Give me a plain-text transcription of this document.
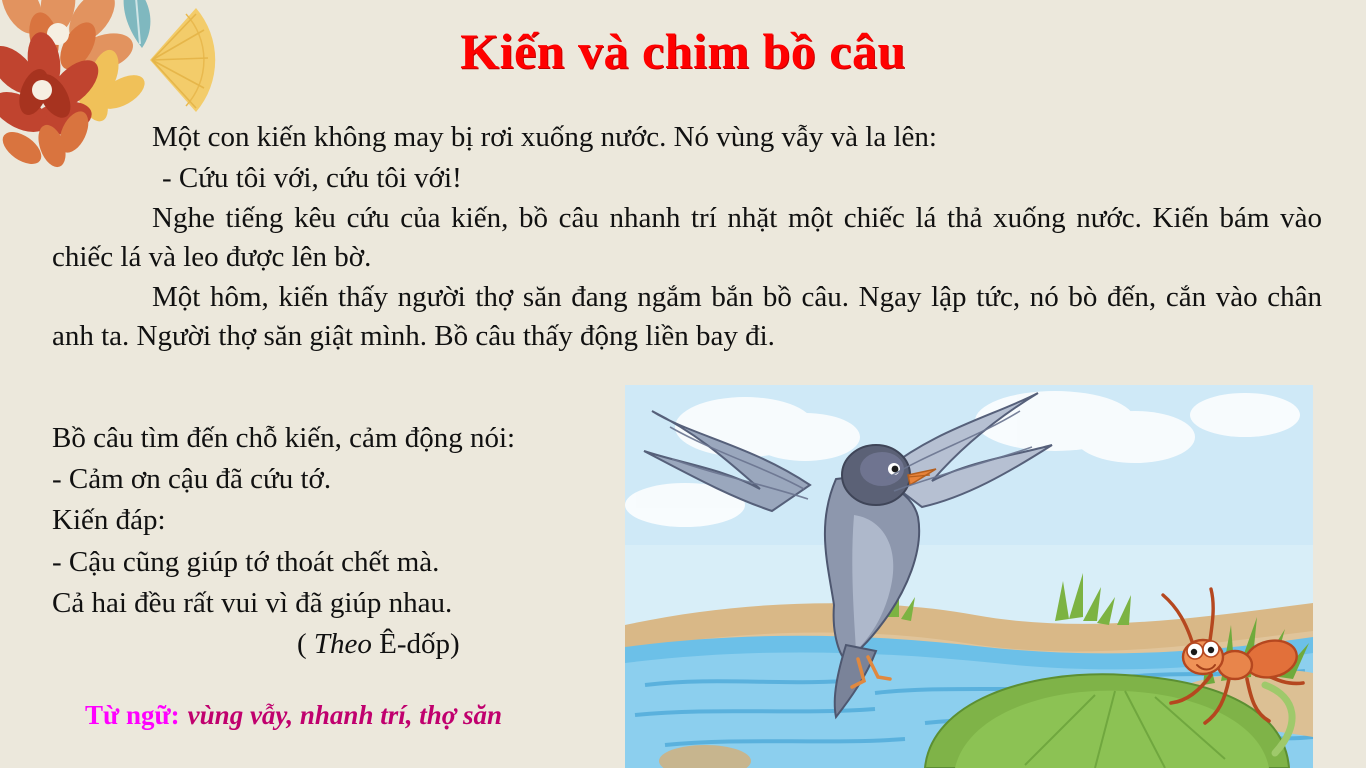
Kiến và chim bồ câu

Một con kiến không may bị rơi xuống nước. Nó vùng vẫy và la lên:

- Cứu tôi với, cứu tôi với!

Nghe tiếng kêu cứu của kiến, bồ câu nhanh trí nhặt một chiếc lá thả xuống nước. Kiến bám vào chiếc lá và leo được lên bờ.

Một hôm, kiến thấy người thợ săn đang ngắm bắn bồ câu. Ngay lập tức, nó bò đến, cắn vào chân anh ta. Người thợ săn giật mình. Bồ câu thấy động liền bay đi.

Bồ câu tìm đến chỗ kiến, cảm động nói:

- Cảm ơn cậu đã cứu tớ.

Kiến đáp:

- Cậu cũng giúp tớ thoát chết mà.

Cả hai đều rất vui vì đã giúp nhau.

( Theo Ê-dốp)

Từ ngữ: vùng vẫy, nhanh trí, thợ săn
